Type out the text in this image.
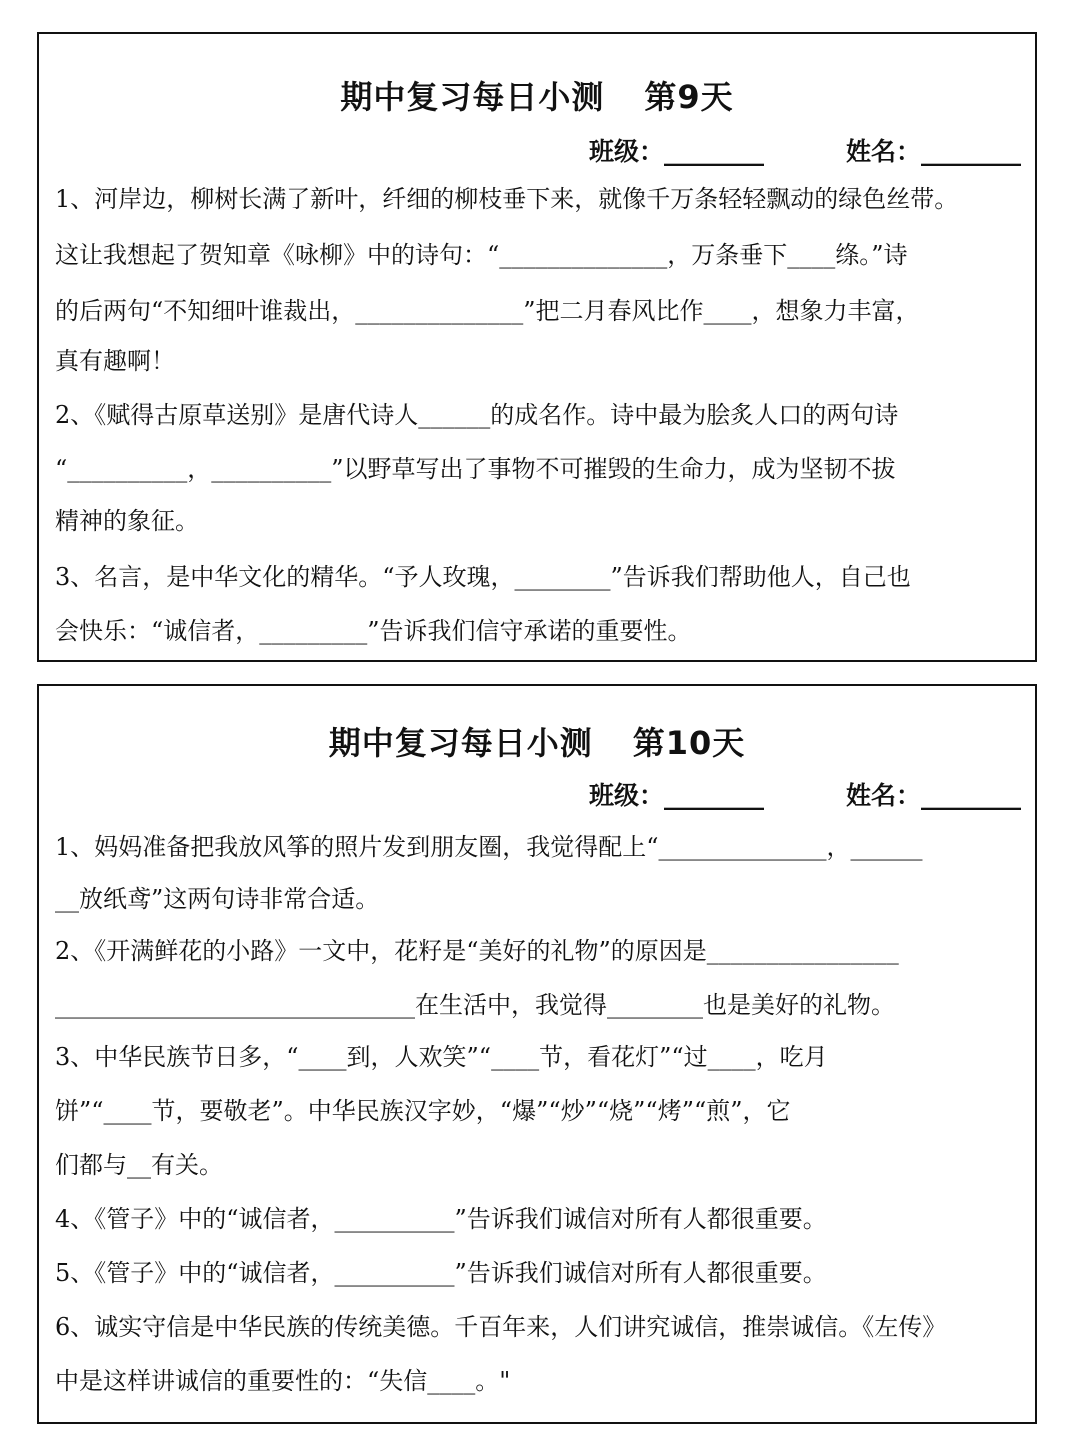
期中复习每日小测 第9天
班级：________	姓名：________
1、河岸边，柳树长满了新叶，纤细的柳枝垂下来，就像千万条轻轻飘动的绿色丝带。
这让我想起了贺知章《咏柳》中的诗句：“______________，万条垂下____绦。”诗
的后两句“不知细叶谁裁出，______________”把二月春风比作____，想象力丰富，
真有趣啊！
2、《赋得古原草送别》是唐代诗人______的成名作。诗中最为脍炙人口的两句诗
“__________，__________”以野草写出了事物不可摧毁的生命力，成为坚韧不拔
精神的象征。
3、名言，是中华文化的精华。“予人玫瑰，________”告诉我们帮助他人，自己也
会快乐：“诚信者，_________”告诉我们信守承诺的重要性。
期中复习每日小测 第10天
班级：________	姓名：________
1、妈妈准备把我放风筝的照片发到朋友圈，我觉得配上“______________，______
__放纸鸢”这两句诗非常合适。
2、《开满鲜花的小路》一文中，花籽是“美好的礼物”的原因是________________
______________________________在生活中，我觉得________也是美好的礼物。
3、中华民族节日多，“____到，人欢笑”“____节，看花灯”“过____，吃月
饼”“____节，要敬老”。中华民族汉字妙，“爆”“炒”“烧”“烤”“煎”，它
们都与__有关。
4、《管子》中的“诚信者，__________”告诉我们诚信对所有人都很重要。
5、《管子》中的“诚信者，__________”告诉我们诚信对所有人都很重要。
6、诚实守信是中华民族的传统美德。千百年来，人们讲究诚信，推崇诚信。《左传》
中是这样讲诚信的重要性的：“失信____。"
